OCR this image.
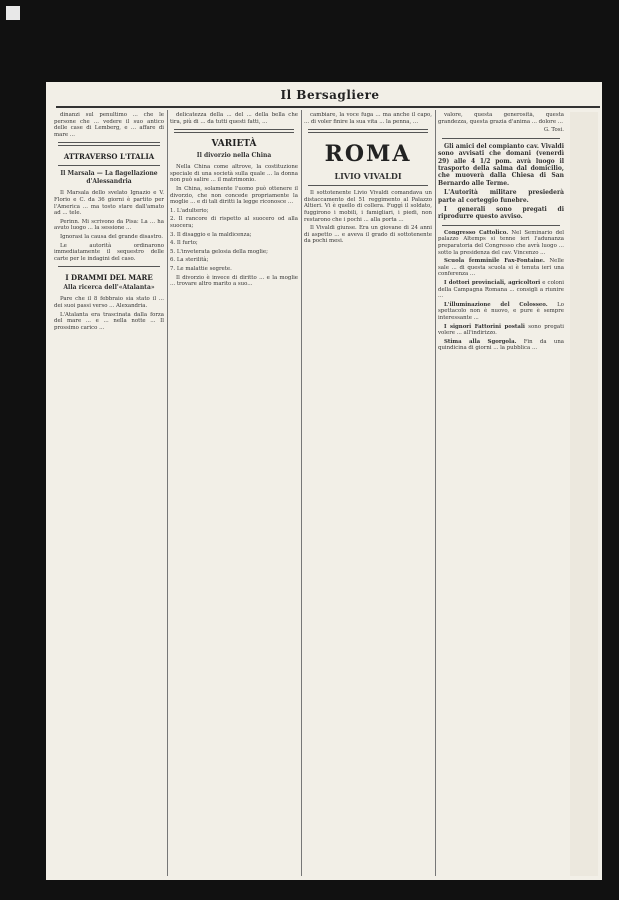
Il Bersagliere

dinanzi sul penultimo ... che le persone che ... vedere il suo antico delle case di Lemberg, e ... affare di mare ...

ATTRAVERSO L'ITALIA
Il Marsala — La flagellazione d'Alessandria

Il Marsala dello svelato Ignazio e V. Florio e C. da 36 giorni è partito per l'America ... ma tosto stare dall'amato ad ... tele.

Perinn. Mi scrivono da Pisa: La ... ha avuto luogo ... la sessione ...

Ignorasi la causa del grande disastro.

Le autorità ordinarono immediatamente il sequestro delle carte per le indagini del caso.

I DRAMMI DEL MARE
Alla ricerca dell'«Atalanta»

Pare che il 8 febbraio sia stato il ... dei suoi passi verso ... Alexandria.

L'Atalanta era trascinata dalla forza del mare ... e ... nella notte ... Il prossimo carico ...

delicatezza della ... del ... della bella che tira, più di ... da tutti questi fatti, ...

VARIETÀ
Il divorzio nella China

Nella China come altrove, la costituzione speciale di una società sulla quale ... la donna non può salire ... il matrimonio.

In China, solamente l'uomo può ottenere il divorzio, che non concede propriamente la moglie ... e di tali diritti la legge riconosce ...

1. L'adulterio;

2. Il rancore di rispetto al suocero od alla suocera;

3. Il disaggio e la maldicenza;

4. Il furto;

5. L'inveterata gelosia della moglie;

6. La sterilità;

7. Le malattie segrete.

Il divorzio è invece di diritto ... e la moglie ... trovare altro marito a suo...

cambiare, la voce fuga ... ma anche il capo, ... di voler finire la sua vita ... la penna, ...

ROMA
LIVIO VIVALDI

Il sottotenente Livio Vivaldi comandava un distaccamento del 51 reggimento al Palazzo Altieri. Vi è quello di collera. Fuggì il soldato, fuggirono i mobili, i famigliari, i piedi, non restarono che i pochi ... alla porta ...

Il Vivaldi giunse. Era un giovane di 24 anni di aspetto ... e aveva il grado di sottotenente da pochi mesi.

valore, questa generosità, questa grandezza, questa grazia d'anima ... dolore ...

G. Tosi.

Gli amici del compianto cav. Vivaldi sono avvisati che domani (venerdì 29) alle 4 1/2 pom. avrà luogo il trasporto della salma dal domicilio, che muoverà dalla Chiesa di San Bernardo alle Terme.

L'Autorità militare presiederà parte al corteggio funebre.

I generali sono pregati di riprodurre questo avviso.

Congresso Cattolico. Nel Seminario del palazzo Altemps si tenne ieri l'adunanza preparatoria del Congresso che avrà luogo ... sotto la presidenza del cav. Vincenzo ...

Scuola femminile Fax-Fontaine. Nelle sale ... di questa scuola si è tenuta ieri una conferenza ...

I dottori provinciali, agricoltori e coloni della Campagna Romana ... consigli a riunire ...

L'illuminazione del Colosseo. Lo spettacolo non è nuovo, e pure è sempre interessante ...

I signori Fattorini postali sono pregati volere ... all'indirizzo.

Stima alla Sgorgola. Fin da una quindicina di giorni ... la pubblica ...
